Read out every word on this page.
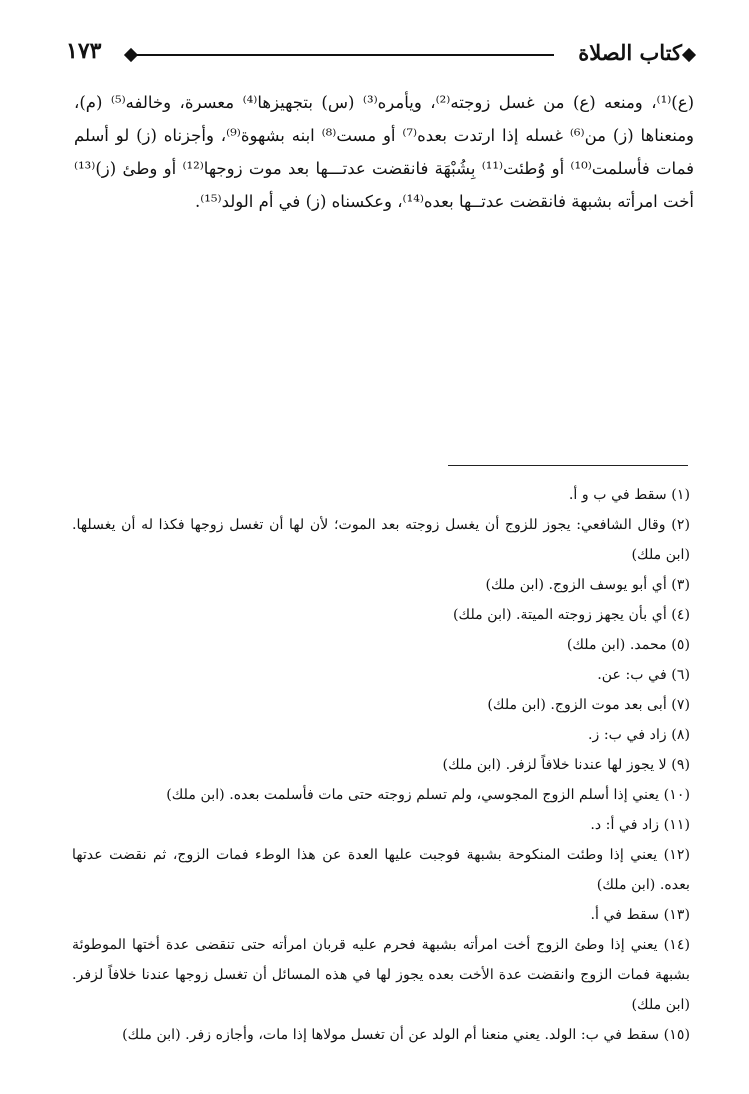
كتاب الصلاة
١٧٣

(ع)⁽¹⁾، ومنعه (ع) من غسل زوجته⁽²⁾، ويأمره⁽³⁾ (س) بتجهيزها⁽⁴⁾ معسرة، وخالفه⁽⁵⁾ (م)، ومنعناها (ز) من⁽⁶⁾ غسله إذا ارتدت بعده⁽⁷⁾ أو مست⁽⁸⁾ ابنه بشهوة⁽⁹⁾، وأجزناه (ز) لو أسلم فمات فأسلمت⁽¹⁰⁾ أو وُطئت⁽¹¹⁾ بِشُبْهَة فانقضت عدتـــها بعد موت زوجها⁽¹²⁾ أو وطئ (ز)⁽¹³⁾ أخت امرأته بشبهة فانقضت عدتــها بعده⁽¹⁴⁾، وعكسناه (ز) في أم الولد⁽¹⁵⁾.

(١) سقط في ب و أ.

(٢) وقال الشافعي: يجوز للزوج أن يغسل زوجته بعد الموت؛ لأن لها أن تغسل زوجها فكذا له أن يغسلها. (ابن ملك)

(٣) أي أبو يوسف الزوج. (ابن ملك)

(٤) أي بأن يجهز زوجته الميتة. (ابن ملك)

(٥) محمد. (ابن ملك)

(٦) في ب: عن.

(٧) أبى بعد موت الزوج. (ابن ملك)

(٨) زاد في ب: ز.

(٩) لا يجوز لها عندنا خلافاً لزفر. (ابن ملك)

(١٠) يعني إذا أسلم الزوج المجوسي، ولم تسلم زوجته حتى مات فأسلمت بعده. (ابن ملك)

(١١) زاد في أ: د.

(١٢) يعني إذا وطئت المنكوحة بشبهة فوجبت عليها العدة عن هذا الوطء فمات الزوج، ثم نقضت عدتها بعده. (ابن ملك)

(١٣) سقط في أ.

(١٤) يعني إذا وطئ الزوج أخت امرأته بشبهة فحرم عليه قربان امرأته حتى تنقضى عدة أختها الموطوئة بشبهة فمات الزوج وانقضت عدة الأخت بعده يجوز لها في هذه المسائل أن تغسل زوجها عندنا خلافاً لزفر. (ابن ملك)

(١٥) سقط في ب: الولد. يعني منعنا أم الولد عن أن تغسل مولاها إذا مات، وأجازه زفر. (ابن ملك)
